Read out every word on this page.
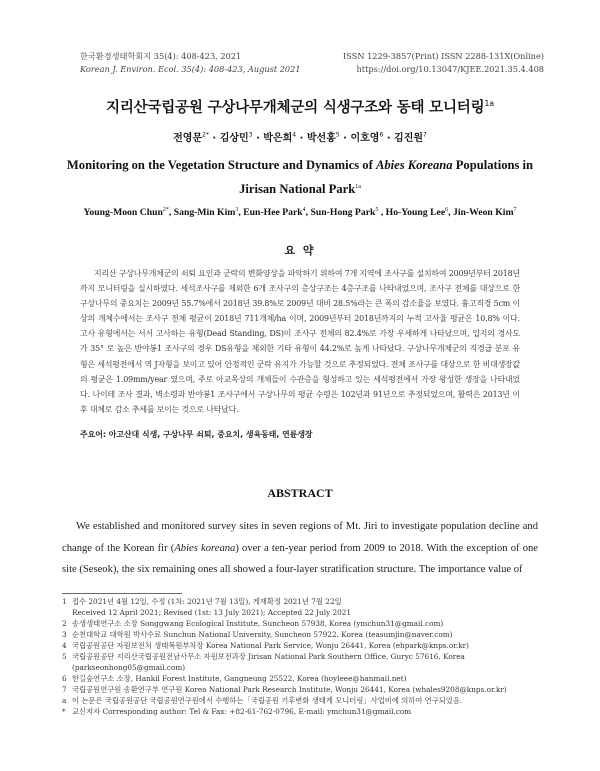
한국환경생태학회지 35(4): 408-423, 2021
Korean J. Environ. Ecol. 35(4): 408-423, August 2021
ISSN 1229-3857(Print) ISSN 2288-131X(Online)
https://doi.org/10.13047/KJEE.2021.35.4.408
지리산국립공원 구상나무개체군의 식생구조와 동태 모니터링$^{1a}$
전영문$^{2*}$ · 김상민$^3$ · 박은희$^4$ · 박선홍$^5$ · 이호영$^6$ · 김진원$^7$
Monitoring on the Vegetation Structure and Dynamics of Abies Koreana Populations in
Jirisan National Park$^{1a}$
Young-Moon Chun$^{2*}$, Sang-Min Kim$^3$, Eun-Hee Park$^4$, Sun-Hong Park$^5$ , Ho-Young Lee$^6$, Jin-Weon Kim$^7$
요 약
지리산 구상나무개체군의 쇠퇴 요인과 군락의 변화양상을 파악하기 위하여 7개 지역에 조사구를 설치하여 2009년부터 2018년까지 모니터링을 실시하였다. 세석조사구를 제외한 6개 조사구의 층상구조는 4층구조를 나타내었으며, 조사구 전체를 대상으로 한 구상나무의 중요치는 2009년 55.7%에서 2018년 39.8%로 2009년 대비 28.5%라는 큰 폭의 감소율을 보였다. 흉고직경 5cm 이상의 개체수에서는 조사구 전체 평균이 2018년 711개체/ha 이며, 2009년부터 2018년까지의 누적 고사율 평균은 10.8% 이다. 고사 유형에서는 서서 고사하는 유형(Dead Standing, DS)이 조사구 전체의 82.4%로 가장 우세하게 나타났으며, 입지의 경사도가 35° 로 높은 반야봉1 조사구의 경우 DS유형을 제외한 기타 유형이 44.2%로 높게 나타났다. 구상나무개체군의 직경급 분포 유형은 세석평전에서 역 J자형을 보이고 있어 안정적인 군락 유지가 가능할 것으로 추정되었다. 전체 조사구를 대상으로 한 비대생장값의 평균은 1.09mm/year 였으며, 주로 아교목상의 개체들이 수관층을 형성하고 있는 세석평전에서 가장 왕성한 생장을 나타내었다. 나이테 조사 결과, 벽소령과 반야봉1 조사구에서 구상나무의 평균 수령은 102년과 91년으로 추정되었으며, 활력은 2013년 이후 대체로 감소 추세를 보이는 것으로 나타났다.
주요어: 아고산대 식생, 구상나무 쇠퇴, 중요치, 생육동태, 연륜생장
ABSTRACT
We established and monitored survey sites in seven regions of Mt. Jiri to investigate population decline and change of the Korean fir (Abies koreana) over a ten-year period from 2009 to 2018. With the exception of one site (Seseok), the six remaining ones all showed a four-layer stratification structure. The importance value of
1 접수 2021년 4월 12일, 수정 (1차: 2021년 7월 13일), 게재확정 2021년 7월 22일
Received 12 April 2021; Revised (1st: 13 July 2021); Accepted 22 July 2021
2 송생생태연구소 소장 Songgwang Ecological Institute, Suncheon 57938, Korea (ymchun31@gmail.com)
3 순천대학교 대학원 박사수료 Sunchun National University, Suncheon 57922, Korea (teasumjin@naver.com)
4 국립공원공단 자원보전처 생태복원부차장 Korea National Park Service, Wonju 26441, Korea (ehpark@knps.or.kr)
5 국립공원공단 지리산국립공원전남사무소 자원보전과장 Jirisan National Park Southern Office, Guryc 57616, Korea
(parkseonhong05@gmail.com)
6 한길숲연구소 소장, Hankil Forest Institute, Gangneung 25522, Korea (hoyleee@hanmail.net)
7 국립공원연구원 송환연구부 연구원 Korea National Park Research Institute, Wonju 26441, Korea (whales9208@knps.or.kr)
a 이 논문은 국립공원공단 국립공원연구원에서 수행하는「국립공원 기후변화 생태계 모니터링」사업비에 의하여 연구되었음.
* 교신저자 Corresponding author: Tel & Fax: +82-61-762-0796, E-mail: ymchun31@gmail.com
